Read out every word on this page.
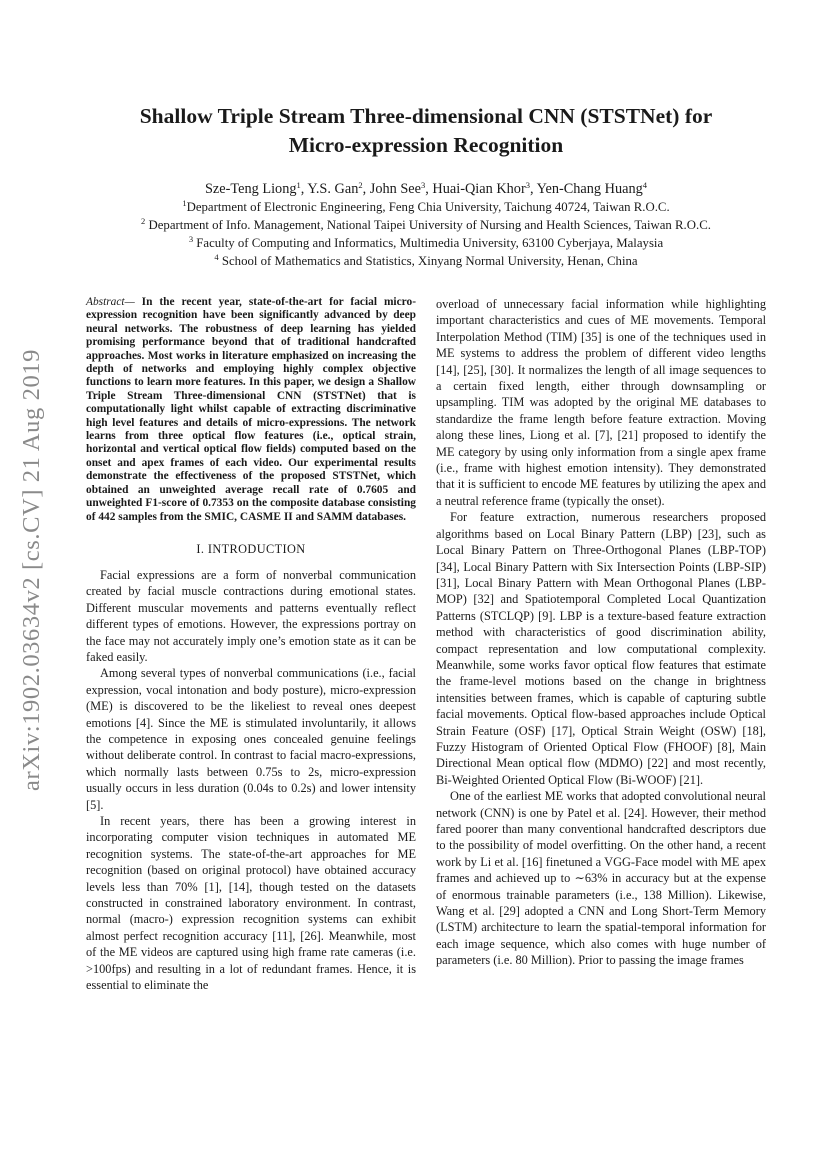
arXiv:1902.03634v2 [cs.CV] 21 Aug 2019
Shallow Triple Stream Three-dimensional CNN (STSTNet) for
Micro-expression Recognition
Sze-Teng Liong$^1$, Y.S. Gan$^2$, John See$^3$, Huai-Qian Khor$^3$, Yen-Chang Huang$^4$
$^1$Department of Electronic Engineering, Feng Chia University, Taichung 40724, Taiwan R.O.C.
$^2$ Department of Info. Management, National Taipei University of Nursing and Health Sciences, Taiwan R.O.C.
$^3$ Faculty of Computing and Informatics, Multimedia University, 63100 Cyberjaya, Malaysia
$^4$ School of Mathematics and Statistics, Xinyang Normal University, Henan, China

Abstract— In the recent year, state-of-the-art for facial micro-expression recognition have been significantly advanced by deep neural networks. The robustness of deep learning has yielded promising performance beyond that of traditional handcrafted approaches. Most works in literature emphasized on increasing the depth of networks and employing highly complex objective functions to learn more features. In this paper, we design a Shallow Triple Stream Three-dimensional CNN (STSTNet) that is computationally light whilst capable of extracting discriminative high level features and details of micro-expressions. The network learns from three optical flow features (i.e., optical strain, horizontal and vertical optical flow fields) computed based on the onset and apex frames of each video. Our experimental results demonstrate the effectiveness of the proposed STSTNet, which obtained an unweighted average recall rate of 0.7605 and unweighted F1-score of 0.7353 on the composite database consisting of 442 samples from the SMIC, CASME II and SAMM databases.

I. INTRODUCTION

Facial expressions are a form of nonverbal communication created by facial muscle contractions during emotional states. Different muscular movements and patterns eventually reflect different types of emotions. However, the expressions portray on the face may not accurately imply one’s emotion state as it can be faked easily.

Among several types of nonverbal communications (i.e., facial expression, vocal intonation and body posture), micro-expression (ME) is discovered to be the likeliest to reveal ones deepest emotions [4]. Since the ME is stimulated involuntarily, it allows the competence in exposing ones concealed genuine feelings without deliberate control. In contrast to facial macro-expressions, which normally lasts between 0.75s to 2s, micro-expression usually occurs in less duration (0.04s to 0.2s) and lower intensity [5].

In recent years, there has been a growing interest in incorporating computer vision techniques in automated ME recognition systems. The state-of-the-art approaches for ME recognition (based on original protocol) have obtained accuracy levels less than 70% [1], [14], though tested on the datasets constructed in constrained laboratory environment. In contrast, normal (macro-) expression recognition systems can exhibit almost perfect recognition accuracy [11], [26]. Meanwhile, most of the ME videos are captured using high frame rate cameras (i.e. >100fps) and resulting in a lot of redundant frames. Hence, it is essential to eliminate the

overload of unnecessary facial information while highlighting important characteristics and cues of ME movements. Temporal Interpolation Method (TIM) [35] is one of the techniques used in ME systems to address the problem of different video lengths [14], [25], [30]. It normalizes the length of all image sequences to a certain fixed length, either through downsampling or upsampling. TIM was adopted by the original ME databases to standardize the frame length before feature extraction. Moving along these lines, Liong et al. [7], [21] proposed to identify the ME category by using only information from a single apex frame (i.e., frame with highest emotion intensity). They demonstrated that it is sufficient to encode ME features by utilizing the apex and a neutral reference frame (typically the onset).

For feature extraction, numerous researchers proposed algorithms based on Local Binary Pattern (LBP) [23], such as Local Binary Pattern on Three-Orthogonal Planes (LBP-TOP) [34], Local Binary Pattern with Six Intersection Points (LBP-SIP) [31], Local Binary Pattern with Mean Orthogonal Planes (LBP-MOP) [32] and Spatiotemporal Completed Local Quantization Patterns (STCLQP) [9]. LBP is a texture-based feature extraction method with characteristics of good discrimination ability, compact representation and low computational complexity. Meanwhile, some works favor optical flow features that estimate the frame-level motions based on the change in brightness intensities between frames, which is capable of capturing subtle facial movements. Optical flow-based approaches include Optical Strain Feature (OSF) [17], Optical Strain Weight (OSW) [18], Fuzzy Histogram of Oriented Optical Flow (FHOOF) [8], Main Directional Mean optical flow (MDMO) [22] and most recently, Bi-Weighted Oriented Optical Flow (Bi-WOOF) [21].

One of the earliest ME works that adopted convolutional neural network (CNN) is one by Patel et al. [24]. However, their method fared poorer than many conventional handcrafted descriptors due to the possibility of model overfitting. On the other hand, a recent work by Li et al. [16] finetuned a VGG-Face model with ME apex frames and achieved up to ∼63% in accuracy but at the expense of enormous trainable parameters (i.e., 138 Million). Likewise, Wang et al. [29] adopted a CNN and Long Short-Term Memory (LSTM) architecture to learn the spatial-temporal information for each image sequence, which also comes with huge number of parameters (i.e. 80 Million). Prior to passing the image frames
